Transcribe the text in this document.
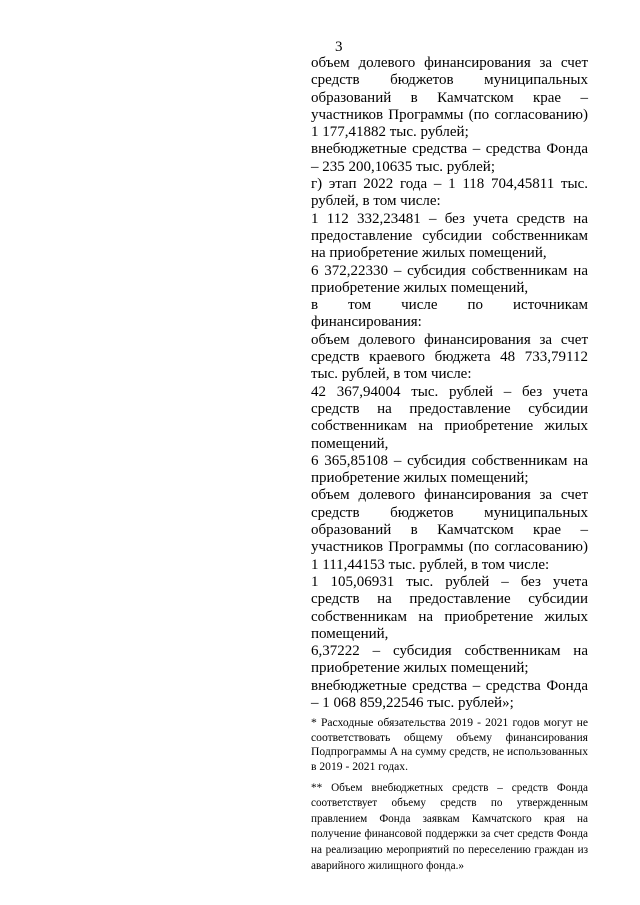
3

объем долевого финансирования за счет средств бюджетов муниципальных образований в Камчатском крае – участников Программы (по согласованию) 1 177,41882 тыс. рублей;

внебюджетные средства – средства Фонда – 235 200,10635 тыс. рублей;

г) этап 2022 года – 1 118 704,45811 тыс. рублей, в том числе:

1 112 332,23481 – без учета средств на предоставление субсидии собственникам на приобретение жилых помещений,

6 372,22330 – субсидия собственникам на приобретение жилых помещений,

в том числе по источникам финансирования:

объем долевого финансирования за счет средств краевого бюджета 48 733,79112 тыс. рублей, в том числе:

42 367,94004 тыс. рублей – без учета средств на предоставление субсидии собственникам на приобретение жилых помещений,

6 365,85108 – субсидия собственникам на приобретение жилых помещений;

объем долевого финансирования за счет средств бюджетов муниципальных образований в Камчатском крае – участников Программы (по согласованию) 1 111,44153 тыс. рублей, в том числе:

1 105,06931 тыс. рублей – без учета средств на предоставление субсидии собственникам на приобретение жилых помещений,

6,37222 – субсидия собственникам на приобретение жилых помещений;

внебюджетные средства – средства Фонда – 1 068 859,22546 тыс. рублей»;

* Расходные обязательства 2019 - 2021 годов могут не соответствовать общему объему финансирования Подпрограммы А на сумму средств, не использованных в 2019 - 2021 годах.

** Объем внебюджетных средств – средств Фонда соответствует объему средств по утвержденным правлением Фонда заявкам Камчатского края на получение финансовой поддержки за счет средств Фонда на реализацию мероприятий по переселению граждан из аварийного жилищного фонда.»
